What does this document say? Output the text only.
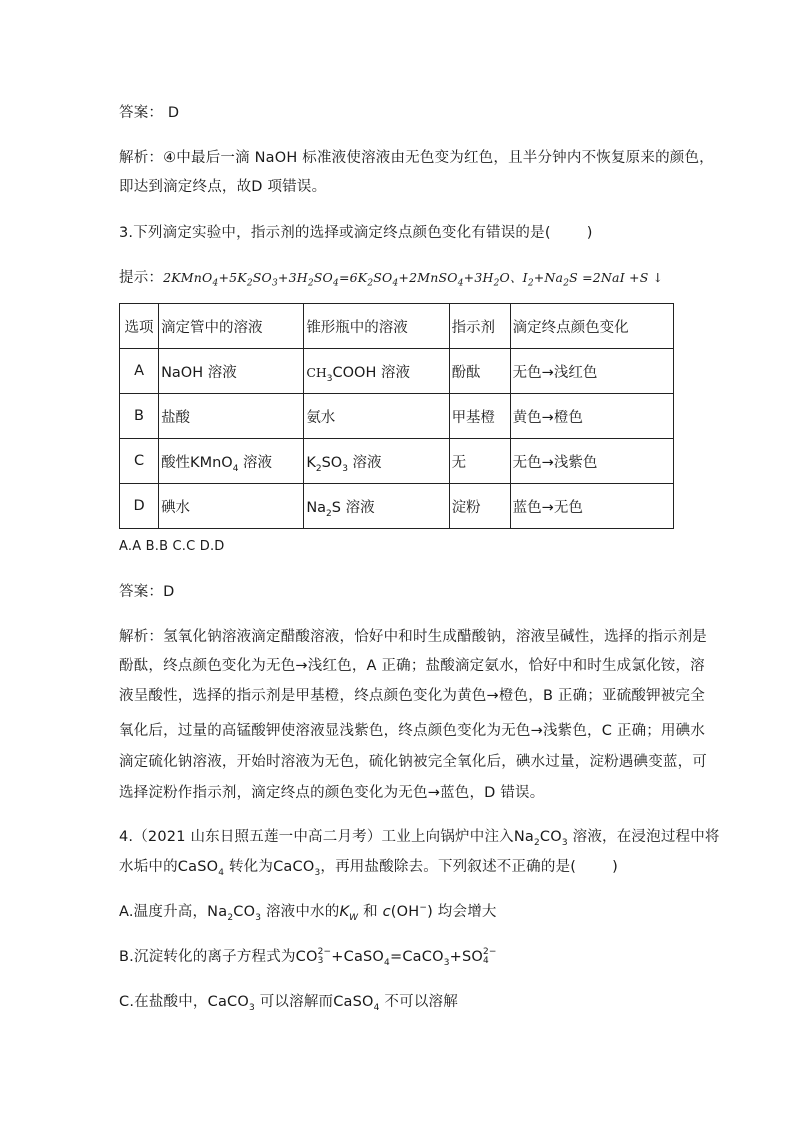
答案： D
解析：④中最后一滴 NaOH 标准液使溶液由无色变为红色，且半分钟内不恢复原来的颜色，
即达到滴定终点，故D 项错误。
3.下列滴定实验中，指示剂的选择或滴定终点颜色变化有错误的是( )
提示：$2KMnO_4+5K_2SO_3+3H_2SO_4=6K_2SO_4+2MnSO_4+3H_2O$、$I_2+Na_2S =2NaI +S$ ↓
选项	滴定管中的溶液	锥形瓶中的溶液	指示剂	滴定终点颜色变化
A	NaOH 溶液	$CH_3COOH$ 溶液	酚酞	无色→浅红色
B	盐酸	氨水	甲基橙	黄色→橙色
C	酸性KMnO$_4$ 溶液	$K_2SO_3$ 溶液	无	无色→浅紫色
D	碘水	$Na_2S$ 溶液	淀粉	蓝色→无色
A.A B.B C.C D.D
答案：D
解析：氢氧化钠溶液滴定醋酸溶液，恰好中和时生成醋酸钠，溶液呈碱性，选择的指示剂是
酚酞，终点颜色变化为无色→浅红色，A 正确；盐酸滴定氨水，恰好中和时生成氯化铵，溶
液呈酸性，选择的指示剂是甲基橙，终点颜色变化为黄色→橙色，B 正确；亚硫酸钾被完全
氧化后，过量的高锰酸钾使溶液显浅紫色，终点颜色变化为无色→浅紫色，C 正确；用碘水
滴定硫化钠溶液，开始时溶液为无色，硫化钠被完全氧化后，碘水过量，淀粉遇碘变蓝，可
选择淀粉作指示剂，滴定终点的颜色变化为无色→蓝色，D 错误。
4.（2021 山东日照五莲一中高二月考）工业上向锅炉中注入$Na_2CO_3$ 溶液，在浸泡过程中将
水垢中的CaSO$_4$ 转化为CaCO$_3$，再用盐酸除去。下列叙述不正确的是( )
A.温度升高，$Na_2CO_3$ 溶液中水的$K_W$ 和 c(OH−) 均会增大
B.沉淀转化的离子方程式为CO 2−
3 +CaSO$_4$=CaCO$_3$+SO 2−
4
C.在盐酸中，CaCO$_3$ 可以溶解而CaSO$_4$ 不可以溶解
